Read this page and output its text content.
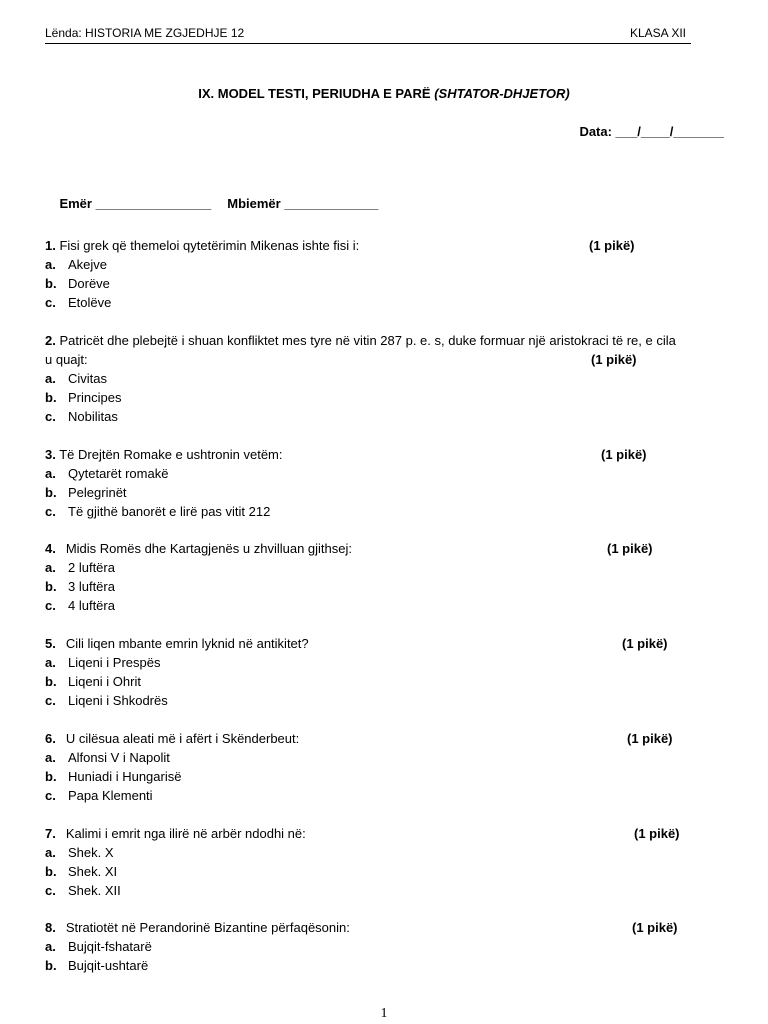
Lënda: HISTORIA ME ZGJEDHJE 12	KLASA XII
IX. MODEL TESTI, PERIUDHA E PARË (SHTATOR-DHJETOR)
Data: ___/____/_______

Emër ________________ Mbiemër _____________

1. Fisi grek që themeloi qytetërimin Mikenas ishte fisi i:	(1 pikë)
a. Akejve
b. Dorëve
c. Etolëve
2. Patricët dhe plebejtë i shuan konfliktet mes tyre në vitin 287 p. e. s, duke formuar një aristokraci të re, e cila
u quajt:	(1 pikë)
a. Civitas
b. Principes
c. Nobilitas
3. Të Drejtën Romake e ushtronin vetëm:	(1 pikë)
a. Qytetarët romakë
b. Pelegrinët
c. Të gjithë banorët e lirë pas vitit 212
4. Midis Romës dhe Kartagjenës u zhvilluan gjithsej:	(1 pikë)
a. 2 luftëra
b. 3 luftëra
c. 4 luftëra
5. Cili liqen mbante emrin lyknid në antikitet?	(1 pikë)
a. Liqeni i Prespës
b. Liqeni i Ohrit
c. Liqeni i Shkodrës
6. U cilësua aleati më i afërt i Skënderbeut:	(1 pikë)
a. Alfonsi V i Napolit
b. Huniadi i Hungarisë
c. Papa Klementi
7. Kalimi i emrit nga ilirë në arbër ndodhi në:	(1 pikë)
a. Shek. X
b. Shek. XI
c. Shek. XII
8. Stratiotët në Perandorinë Bizantine përfaqësonin:	(1 pikë)
a. Bujqit-fshatarë
b. Bujqit-ushtarë
1
